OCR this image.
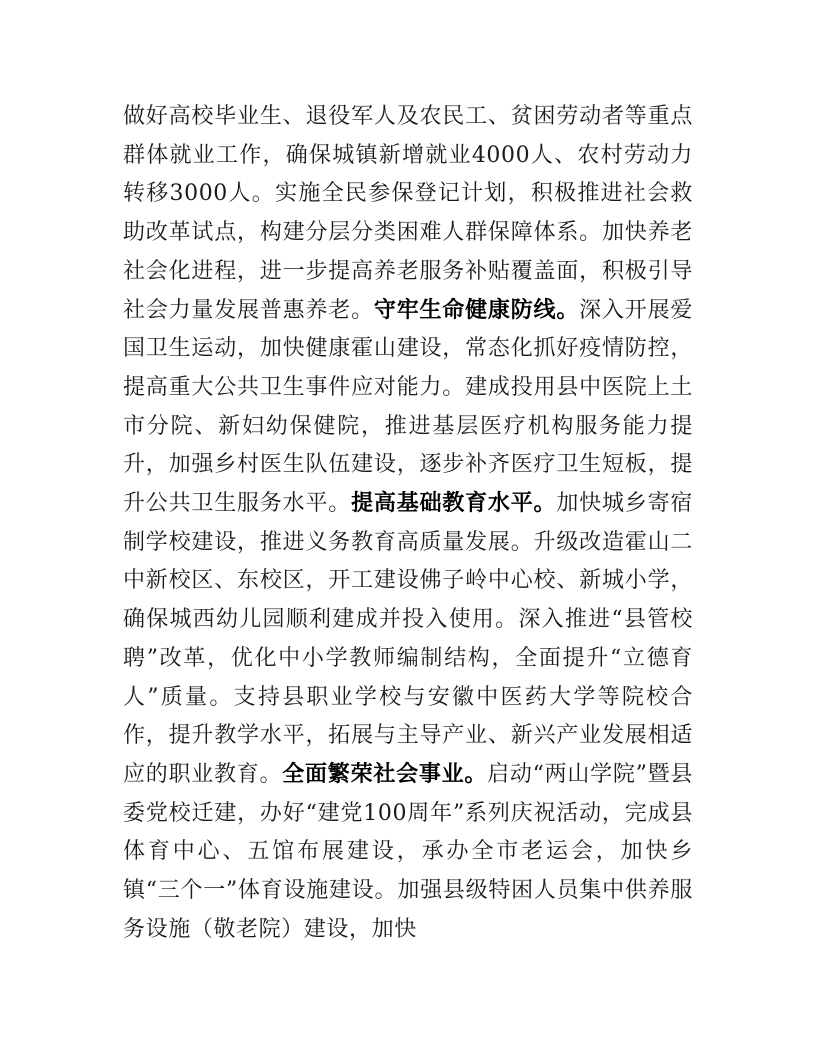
做好高校毕业生、退役军人及农民工、贫困劳动者等重点群体就业工作，确保城镇新增就业4000人、农村劳动力转移3000人。实施全民参保登记计划，积极推进社会救助改革试点，构建分层分类困难人群保障体系。加快养老社会化进程，进一步提高养老服务补贴覆盖面，积极引导社会力量发展普惠养老。守牢生命健康防线。深入开展爱国卫生运动，加快健康霍山建设，常态化抓好疫情防控，提高重大公共卫生事件应对能力。建成投用县中医院上土市分院、新妇幼保健院，推进基层医疗机构服务能力提升，加强乡村医生队伍建设，逐步补齐医疗卫生短板，提升公共卫生服务水平。提高基础教育水平。加快城乡寄宿制学校建设，推进义务教育高质量发展。升级改造霍山二中新校区、东校区，开工建设佛子岭中心校、新城小学，确保城西幼儿园顺利建成并投入使用。深入推进“县管校聘”改革，优化中小学教师编制结构，全面提升“立德育人”质量。支持县职业学校与安徽中医药大学等院校合作，提升教学水平，拓展与主导产业、新兴产业发展相适应的职业教育。全面繁荣社会事业。启动“两山学院”暨县委党校迁建，办好“建党100周年”系列庆祝活动，完成县体育中心、五馆布展建设，承办全市老运会，加快乡镇“三个一”体育设施建设。加强县级特困人员集中供养服务设施（敬老院）建设，加快
